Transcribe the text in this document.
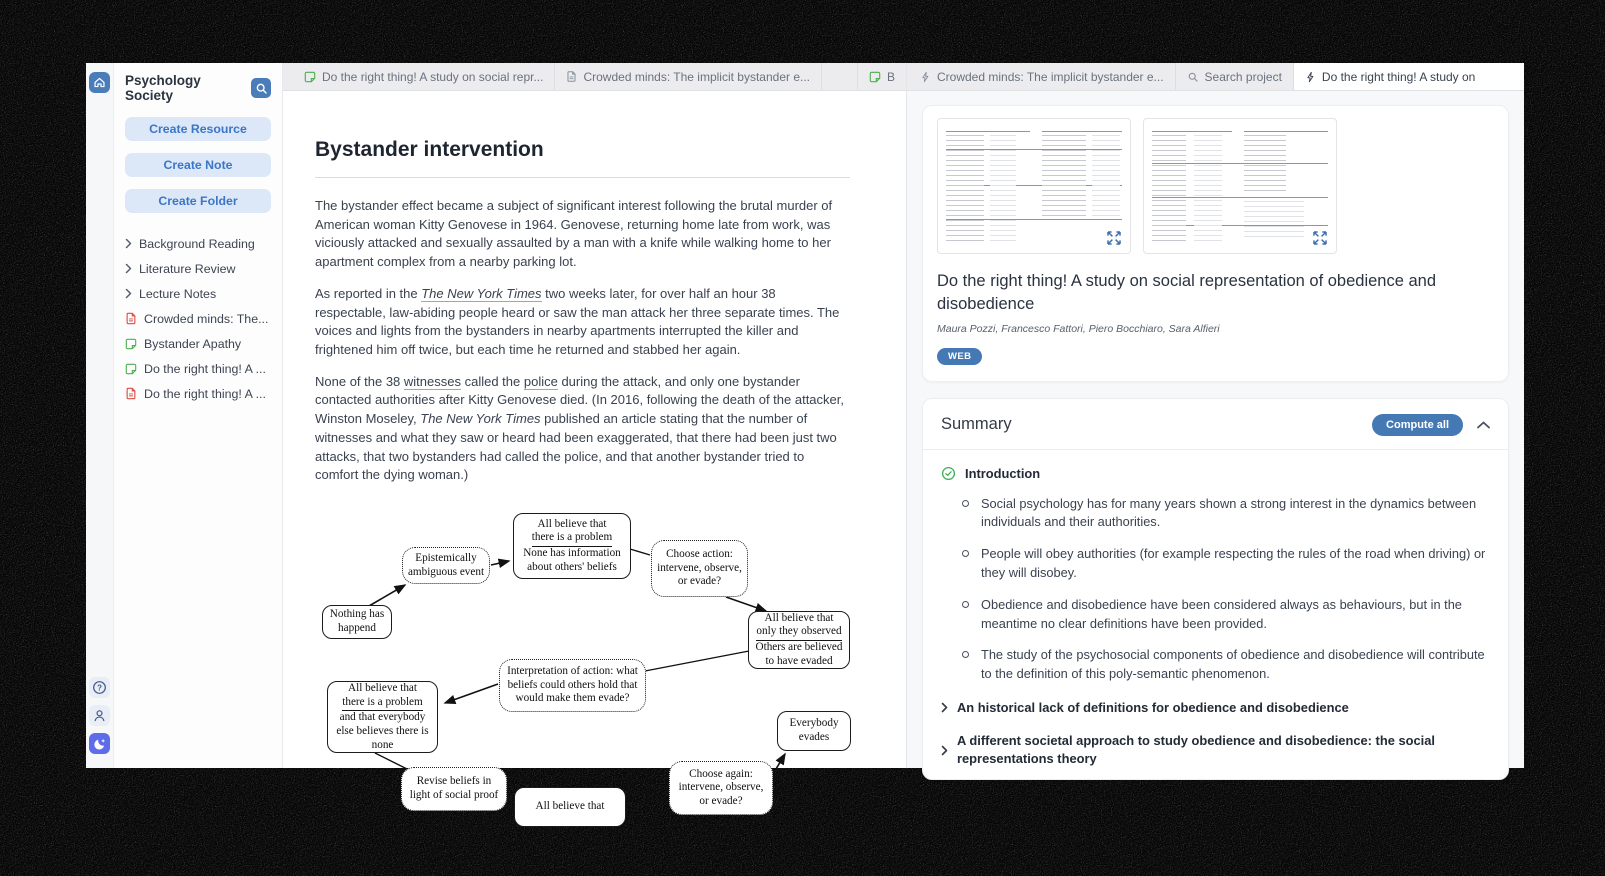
?
Psychology Society
Create Resource
Create Note
Create Folder
Background Reading
Literature Review
Lecture Notes
Crowded minds: The...
Bystander Apathy
Do the right thing! A ...
Do the right thing! A ...
Do the right thing! A study on social repr...	Crowded minds: The implicit bystander e...	B
Bystander intervention

The bystander effect became a subject of significant interest following the brutal murder of American woman Kitty Genovese in 1964. Genovese, returning home late from work, was viciously attacked and sexually assaulted by a man with a knife while walking home to her apartment complex from a nearby parking lot.

As reported in the The New York Times two weeks later, for over half an hour 38 respectable, law-abiding people heard or saw the man attack her three separate times. The voices and lights from the bystanders in nearby apartments interrupted the killer and frightened him off twice, but each time he returned and stabbed her again.

None of the 38 witnesses called the police during the attack, and only one bystander contacted authorities after Kitty Genovese died. (In 2016, following the death of the attacker, Winston Moseley, The New York Times published an article stating that the number of witnesses and what they saw or heard had been exaggerated, that there had been just two attacks, that two bystanders had called the police, and that another bystander tried to comfort the dying woman.)

Nothing has happend
Epistemically ambiguous event
All believe that
there is a problem
None has information about others' beliefs
Choose action: intervene, observe, or evade?
All believe that
only they observed
Others are believed to have evaded
Interpretation of action: what beliefs could others hold that would make them evade?
All believe that
there is a problem
and that everybody else believes there is none
Everybody evades
Revise beliefs in light of social proof
All believe that
Choose again: intervene, observe, or evade?
Crowded minds: The implicit bystander e...	Search project	Do the right thing! A study on
Do the right thing! A study on social representation of obedience and disobedience
Maura Pozzi, Francesco Fattori, Piero Bocchiaro, Sara Alfieri
WEB
Summary	Compute all
Introduction
Social psychology has for many years shown a strong interest in the dynamics between individuals and their authorities.
People will obey authorities (for example respecting the rules of the road when driving) or they will disobey.
Obedience and disobedience have been considered always as behaviours, but in the meantime no clear definitions have been provided.
The study of the psychosocial components of obedience and disobedience will contribute to the definition of this poly-semantic phenomenon.
An historical lack of definitions for obedience and disobedience
A different societal approach to study obedience and disobedience: the social representations theory
